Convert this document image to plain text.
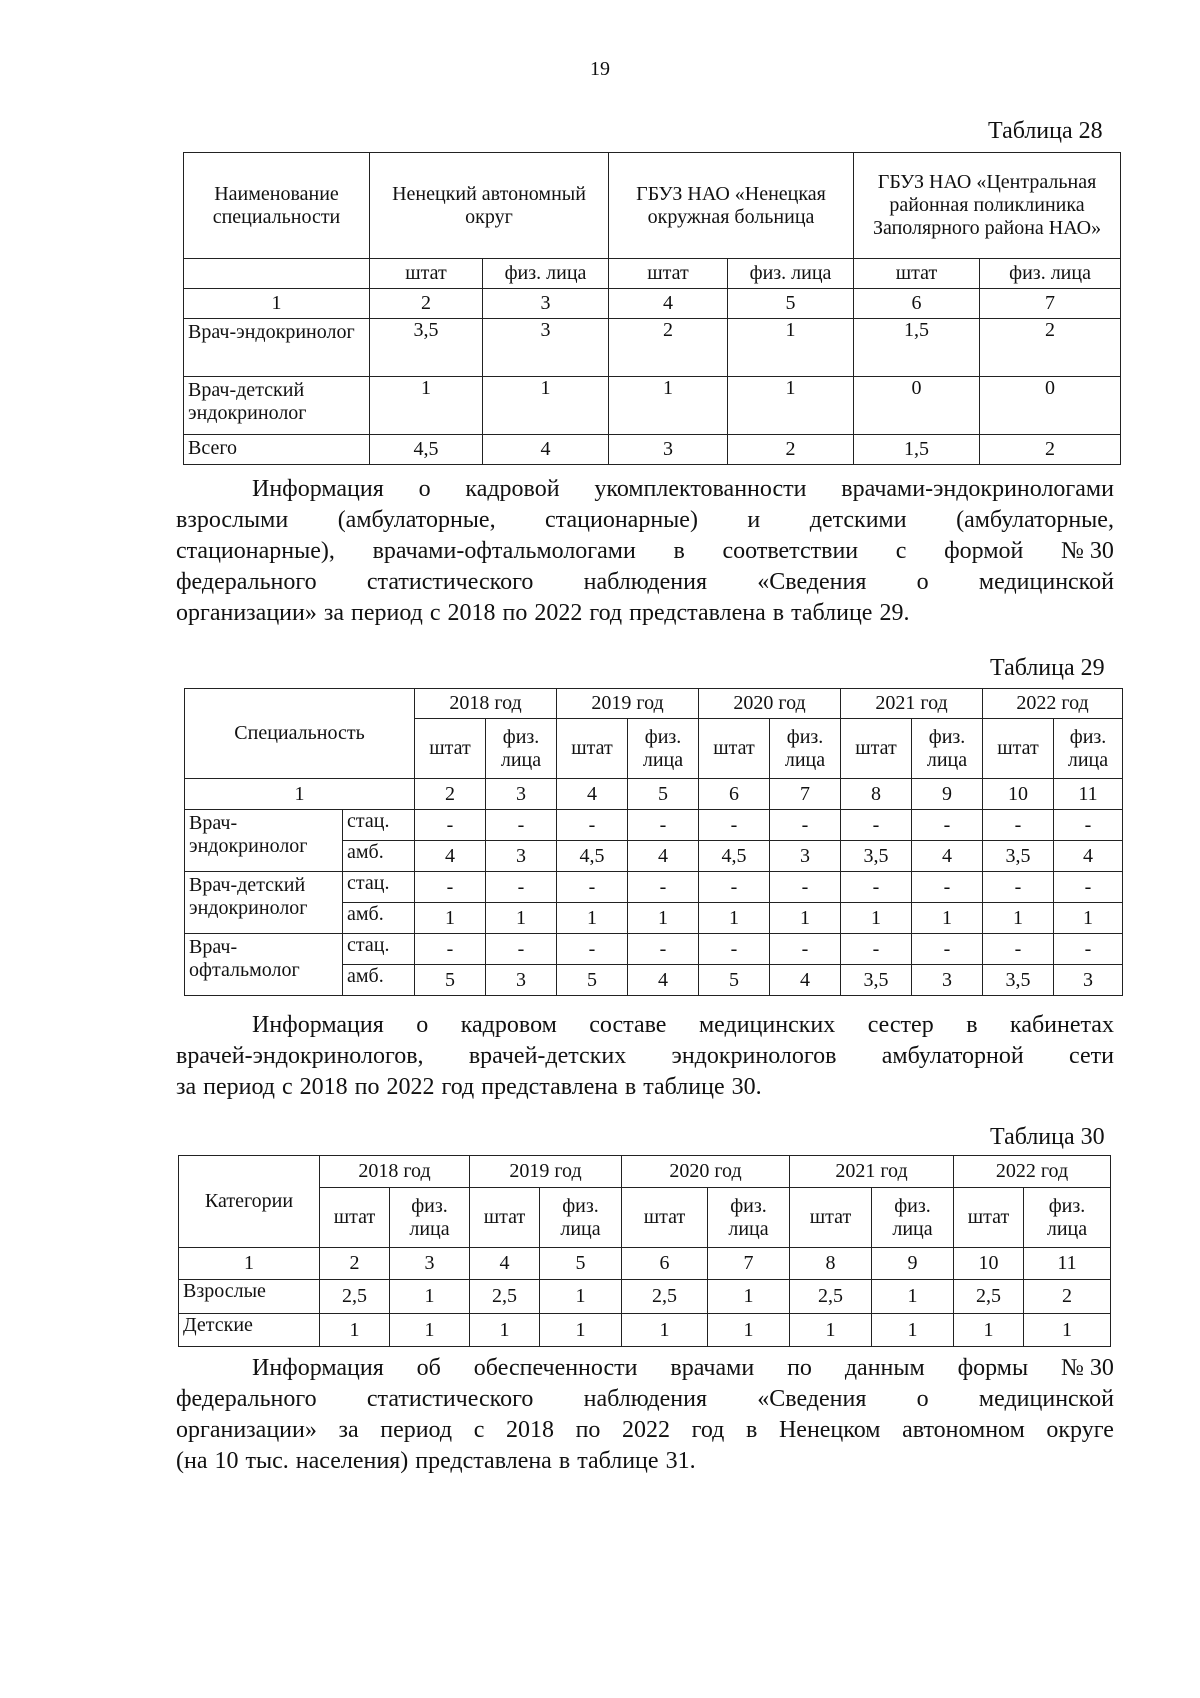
19
Таблица 28
Наименование специальности	Ненецкий автономный округ		ГБУЗ НАО «Ненецкая окружная больница		ГБУЗ НАО «Центральная районная поликлиника Заполярного района НАО»	
	штат	физ. лица	штат	физ. лица	штат	физ. лица
1	2	3	4	5	6	7
Врач-эндокринолог	3,5	3	2	1	1,5	2
Врач-детский эндокринолог	1	1	1	1	0	0
Всего	4,5	4	3	2	1,5	2
Информация о кадровой укомплектованности врачами-эндокринологами
взрослыми (амбулаторные, стационарные) и детскими (амбулаторные,
стационарные), врачами-офтальмологами в соответствии с формой № 30
федерального статистического наблюдения «Сведения о медицинской
организации» за период с 2018 по 2022 год представлена в таблице 29.
Таблица 29
Специальность		2018 год		2019 год		2020 год		2021 год		2022 год	
		штат	физ. лица	штат	физ. лица	штат	физ. лица	штат	физ. лица	штат	физ. лица
1		2	3	4	5	6	7	8	9	10	11
Врач-эндокринолог	стац.	-	-	-	-	-	-	-	-	-	-
	амб.	4	3	4,5	4	4,5	3	3,5	4	3,5	4
Врач-детский эндокринолог	стац.	-	-	-	-	-	-	-	-	-	-
	амб.	1	1	1	1	1	1	1	1	1	1
Врач-офтальмолог	стац.	-	-	-	-	-	-	-	-	-	-
	амб.	5	3	5	4	5	4	3,5	3	3,5	3
Информация о кадровом составе медицинских сестер в кабинетах
врачей-эндокринологов, врачей-детских эндокринологов амбулаторной сети
за период с 2018 по 2022 год представлена в таблице 30.
Таблица 30
Категории	2018 год		2019 год		2020 год		2021 год		2022 год	
	штат	физ. лица	штат	физ. лица	штат	физ. лица	штат	физ. лица	штат	физ. лица
1	2	3	4	5	6	7	8	9	10	11
Взрослые	2,5	1	2,5	1	2,5	1	2,5	1	2,5	2
Детские	1	1	1	1	1	1	1	1	1	1
Информация об обеспеченности врачами по данным формы № 30
федерального статистического наблюдения «Сведения о медицинской
организации» за период с 2018 по 2022 год в Ненецком автономном округе
(на 10 тыс. населения) представлена в таблице 31.
